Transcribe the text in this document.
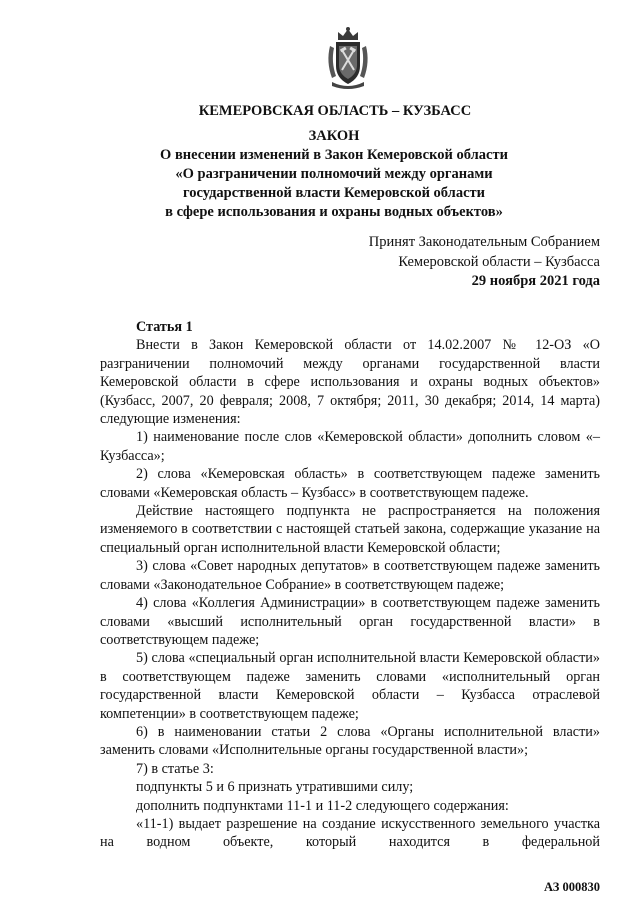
КЕМЕРОВСКАЯ ОБЛАСТЬ – КУЗБАСС
ЗАКОН
О внесении изменений в Закон Кемеровской области
«О разграничении полномочий между органами
государственной власти Кемеровской области
в сфере использования и охраны водных объектов»
Принят Законодательным Собранием
Кемеровской области – Кузбасса
29 ноября 2021 года
Статья 1

Внести в Закон Кемеровской области от 14.02.2007 № 12-ОЗ «О разграничении полномочий между органами государственной власти Кемеровской области в сфере использования и охраны водных объектов» (Кузбасс, 2007, 20 февраля; 2008, 7 октября; 2011, 30 декабря; 2014, 14 марта) следующие изменения:

1) наименование после слов «Кемеровской области» дополнить словом «– Кузбасса»;

2) слова «Кемеровская область» в соответствующем падеже заменить словами «Кемеровская область – Кузбасс» в соответствующем падеже.

Действие настоящего подпункта не распространяется на положения изменяемого в соответствии с настоящей статьей закона, содержащие указание на специальный орган исполнительной власти Кемеровской области;

3) слова «Совет народных депутатов» в соответствующем падеже заменить словами «Законодательное Собрание» в соответствующем падеже;

4) слова «Коллегия Администрации» в соответствующем падеже заменить словами «высший исполнительный орган государственной власти» в соответствующем падеже;

5) слова «специальный орган исполнительной власти Кемеровской области» в соответствующем падеже заменить словами «исполнительный орган государственной власти Кемеровской области – Кузбасса отраслевой компетенции» в соответствующем падеже;

6) в наименовании статьи 2 слова «Органы исполнительной власти» заменить словами «Исполнительные органы государственной власти»;

7) в статье 3:

подпункты 5 и 6 признать утратившими силу;

дополнить подпунктами 11-1 и 11-2 следующего содержания:

«11-1) выдает разрешение на создание искусственного земельного участка на водном объекте, который находится в федеральной

АЗ 000830
